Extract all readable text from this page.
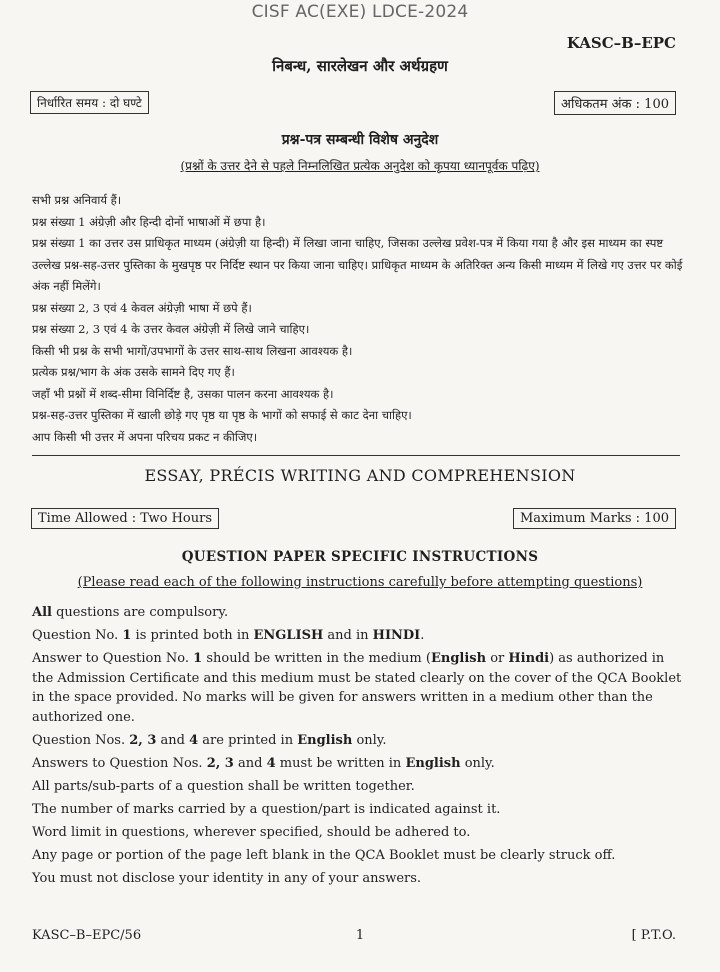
CISF AC(EXE) LDCE-2024
KASC–B–EPC
निबन्ध, सारलेखन और अर्थग्रहण
निर्धारित समय : दो घण्टे	अधिकतम अंक : 100
प्रश्न-पत्र सम्बन्धी विशेष अनुदेश
(प्रश्नों के उत्तर देने से पहले निम्नलिखित प्रत्येक अनुदेश को कृपया ध्यानपूर्वक पढ़िए)

सभी प्रश्न अनिवार्य हैं।

प्रश्न संख्या 1 अंग्रेज़ी और हिन्दी दोनों भाषाओं में छपा है।

प्रश्न संख्या 1 का उत्तर उस प्राधिकृत माध्यम (अंग्रेज़ी या हिन्दी) में लिखा जाना चाहिए, जिसका उल्लेख प्रवेश-पत्र में किया गया है और इस माध्यम का स्पष्ट उल्लेख प्रश्न-सह-उत्तर पुस्तिका के मुखपृष्ठ पर निर्दिष्ट स्थान पर किया जाना चाहिए। प्राधिकृत माध्यम के अतिरिक्त अन्य किसी माध्यम में लिखे गए उत्तर पर कोई अंक नहीं मिलेंगे।

प्रश्न संख्या 2, 3 एवं 4 केवल अंग्रेज़ी भाषा में छपे हैं।

प्रश्न संख्या 2, 3 एवं 4 के उत्तर केवल अंग्रेज़ी में लिखे जाने चाहिए।

किसी भी प्रश्न के सभी भागों/उपभागों के उत्तर साथ-साथ लिखना आवश्यक है।

प्रत्येक प्रश्न/भाग के अंक उसके सामने दिए गए हैं।

जहाँ भी प्रश्नों में शब्द-सीमा विनिर्दिष्ट है, उसका पालन करना आवश्यक है।

प्रश्न-सह-उत्तर पुस्तिका में खाली छोड़े गए पृष्ठ या पृष्ठ के भागों को सफाई से काट देना चाहिए।

आप किसी भी उत्तर में अपना परिचय प्रकट न कीजिए।

ESSAY, PRÉCIS WRITING AND COMPREHENSION
Time Allowed : Two Hours	Maximum Marks : 100
QUESTION PAPER SPECIFIC INSTRUCTIONS
(Please read each of the following instructions carefully before attempting questions)

All questions are compulsory.

Question No. 1 is printed both in ENGLISH and in HINDI.

Answer to Question No. 1 should be written in the medium (English or Hindi) as authorized in the Admission Certificate and this medium must be stated clearly on the cover of the QCA Booklet in the space provided. No marks will be given for answers written in a medium other than the authorized one.

Question Nos. 2, 3 and 4 are printed in English only.

Answers to Question Nos. 2, 3 and 4 must be written in English only.

All parts/sub-parts of a question shall be written together.

The number of marks carried by a question/part is indicated against it.

Word limit in questions, wherever specified, should be adhered to.

Any page or portion of the page left blank in the QCA Booklet must be clearly struck off.

You must not disclose your identity in any of your answers.

KASC–B–EPC/56	1	[ P.T.O.
